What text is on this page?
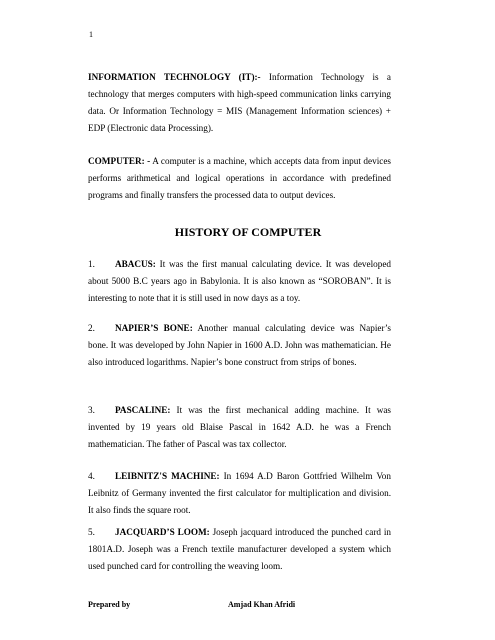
1
INFORMATION TECHNOLOGY (IT):- Information Technology is a technology that merges computers with high-speed communication links carrying data. Or Information Technology = MIS (Management Information sciences) + EDP (Electronic data Processing).
COMPUTER: - A computer is a machine, which accepts data from input devices performs arithmetical and logical operations in accordance with predefined programs and finally transfers the processed data to output devices.
HISTORY OF COMPUTER
1. ABACUS: It was the first manual calculating device. It was developed about 5000 B.C years ago in Babylonia. It is also known as “SOROBAN”. It is interesting to note that it is still used in now days as a toy.
2. NAPIER’S BONE: Another manual calculating device was Napier’s bone. It was developed by John Napier in 1600 A.D. John was mathematician. He also introduced logarithms. Napier’s bone construct from strips of bones.
3. PASCALINE: It was the first mechanical adding machine. It was invented by 19 years old Blaise Pascal in 1642 A.D. he was a French mathematician. The father of Pascal was tax collector.
4. LEIBNITZ'S MACHINE: In 1694 A.D Baron Gottfried Wilhelm Von Leibnitz of Germany invented the first calculator for multiplication and division. It also finds the square root.
5. JACQUARD’S LOOM: Joseph jacquard introduced the punched card in 1801A.D. Joseph was a French textile manufacturer developed a system which used punched card for controlling the weaving loom.
Prepared by	Amjad Khan Afridi
